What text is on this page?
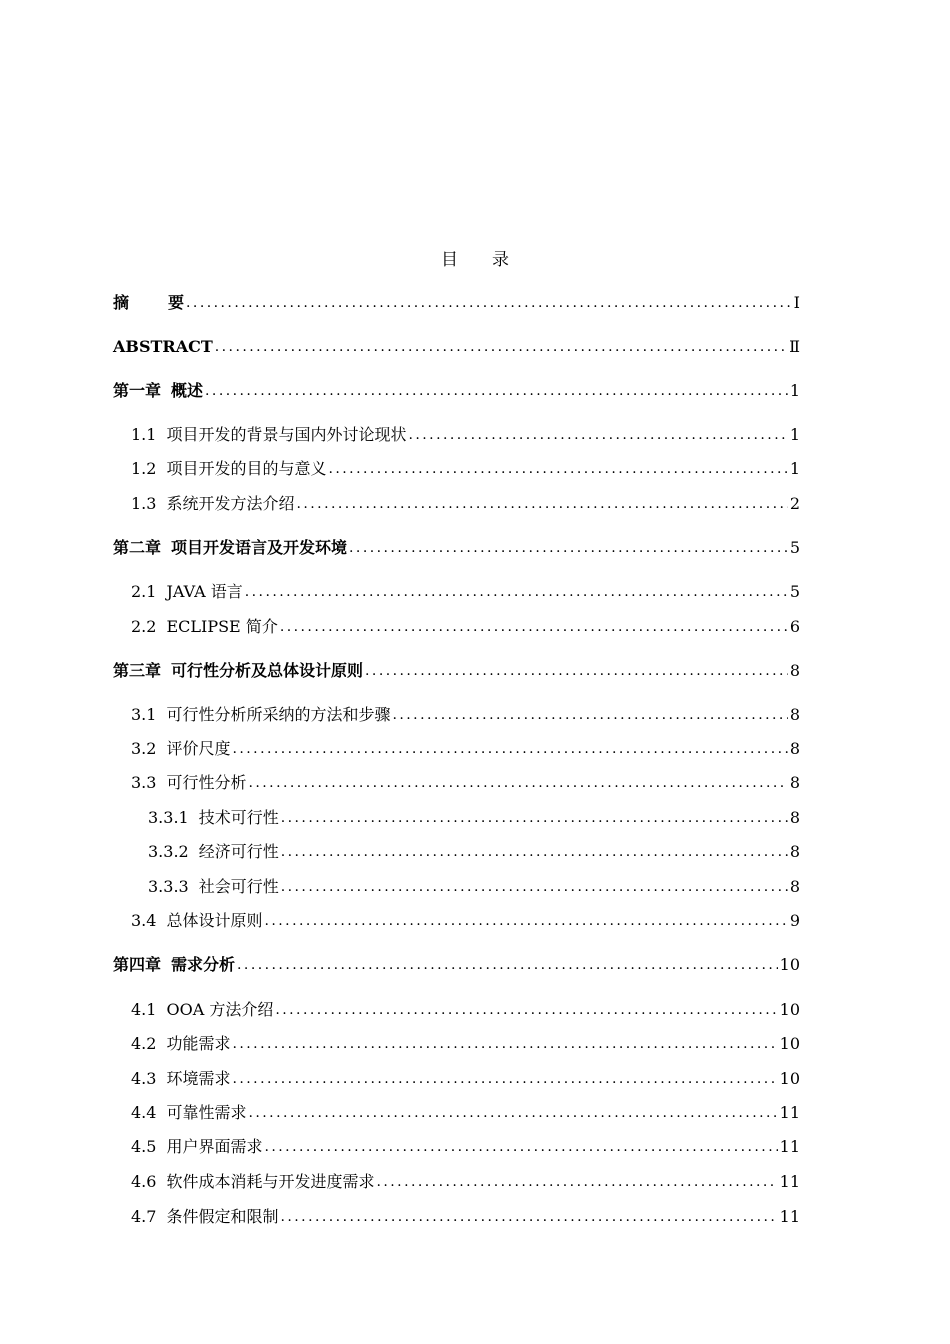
目 录
摘 要 . . .	Ⅰ
ABSTRACT . . .	Ⅱ
第一章 概述 . . .	1
1.1 项目开发的背景与国内外讨论现状 . . .	1
1.2 项目开发的目的与意义 . . .	1
1.3 系统开发方法介绍 . . .	2
第二章 项目开发语言及开发环境 . . .	5
2.1 JAVA 语言 . . .	5
2.2 ECLIPSE 简介 . . .	6
第三章 可行性分析及总体设计原则 . . .	8
3.1 可行性分析所采纳的方法和步骤 . . .	8
3.2 评价尺度 . . .	8
3.3 可行性分析 . . .	8
3.3.1 技术可行性 . . .	8
3.3.2 经济可行性 . . .	8
3.3.3 社会可行性 . . .	8
3.4 总体设计原则 . . .	9
第四章 需求分析 . . .	10
4.1 OOA 方法介绍 . . .	10
4.2 功能需求 . . .	10
4.3 环境需求 . . .	10
4.4 可靠性需求 . . .	11
4.5 用户界面需求 . . .	11
4.6 软件成本消耗与开发进度需求 . . .	11
4.7 条件假定和限制 . . .	11
